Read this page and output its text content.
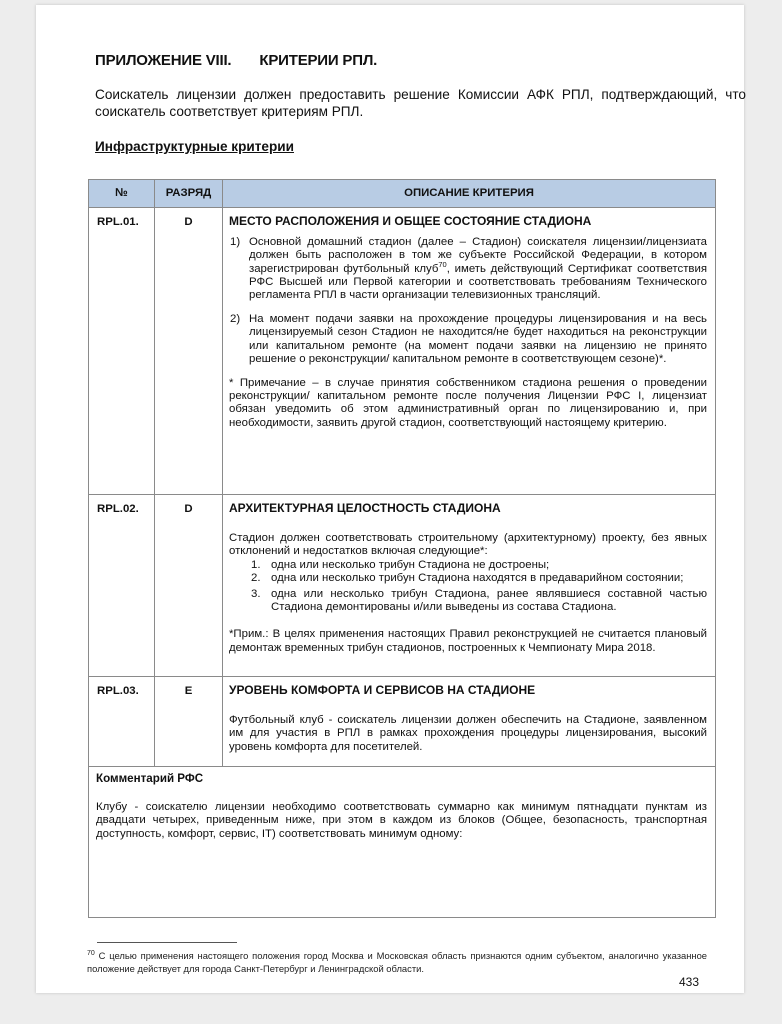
ПРИЛОЖЕНИЕ VIII. КРИТЕРИИ РПЛ.
Соискатель лицензии должен предоставить решение Комиссии АФК РПЛ, подтверждающий, что соискатель соответствует критериям РПЛ.
Инфраструктурные критерии
№	РАЗРЯД	ОПИСАНИЕ КРИТЕРИЯ
RPL.01.	D	МЕСТО РАСПОЛОЖЕНИЯ И ОБЩЕЕ СОСТОЯНИЕ СТАДИОНА
1) Основной домашний стадион (далее – Стадион) соискателя лицензии/лицензиата должен быть расположен в том же субъекте Российской Федерации, в котором зарегистрирован футбольный клуб$^{70}$, иметь действующий Сертификат соответствия РФС Высшей или Первой категории и соответствовать требованиям Технического регламента РПЛ в части организации телевизионных трансляций.
2) На момент подачи заявки на прохождение процедуры лицензирования и на весь лицензируемый сезон Стадион не находится/не будет находиться на реконструкции или капитальном ремонте (на момент подачи заявки на лицензию не принято решение о реконструкции/ капитальном ремонте в соответствующем сезоне)*.
* Примечание – в случае принятия собственником стадиона решения о проведении реконструкции/ капитальном ремонте после получения Лицензии РФС I, лицензиат обязан уведомить об этом административный орган по лицензированию и, при необходимости, заявить другой стадион, соответствующий настоящему критерию.

RPL.02.	D	АРХИТЕКТУРНАЯ ЦЕЛОСТНОСТЬ СТАДИОНА
Стадион должен соответствовать строительному (архитектурному) проекту, без явных отклонений и недостатков включая следующие*:
1. одна или несколько трибун Стадиона не достроены;
2. одна или несколько трибун Стадиона находятся в предаварийном состоянии;
3. одна или несколько трибун Стадиона, ранее являвшиеся составной частью Стадиона демонтированы и/или выведены из состава Стадиона.
*Прим.: В целях применения настоящих Правил реконструкцией не считается плановый демонтаж временных трибун стадионов, построенных к Чемпионату Мира 2018.

RPL.03.	E	УРОВЕНЬ КОМФОРТА И СЕРВИСОВ НА СТАДИОНЕ
Футбольный клуб - соискатель лицензии должен обеспечить на Стадионе, заявленном им для участия в РПЛ в рамках прохождения процедуры лицензирования, высокий уровень комфорта для посетителей.

Комментарий РФС
Клубу - соискателю лицензии необходимо соответствовать суммарно как минимум пятнадцати пунктам из двадцати четырех, приведенным ниже, при этом в каждом из блоков (Общее, безопасность, транспортная доступность, комфорт, сервис, IT) соответствовать минимум одному:		
$^{70}$ С целью применения настоящего положения город Москва и Московская область признаются одним субъектом, аналогично указанное положение действует для города Санкт-Петербург и Ленинградской области.
433
